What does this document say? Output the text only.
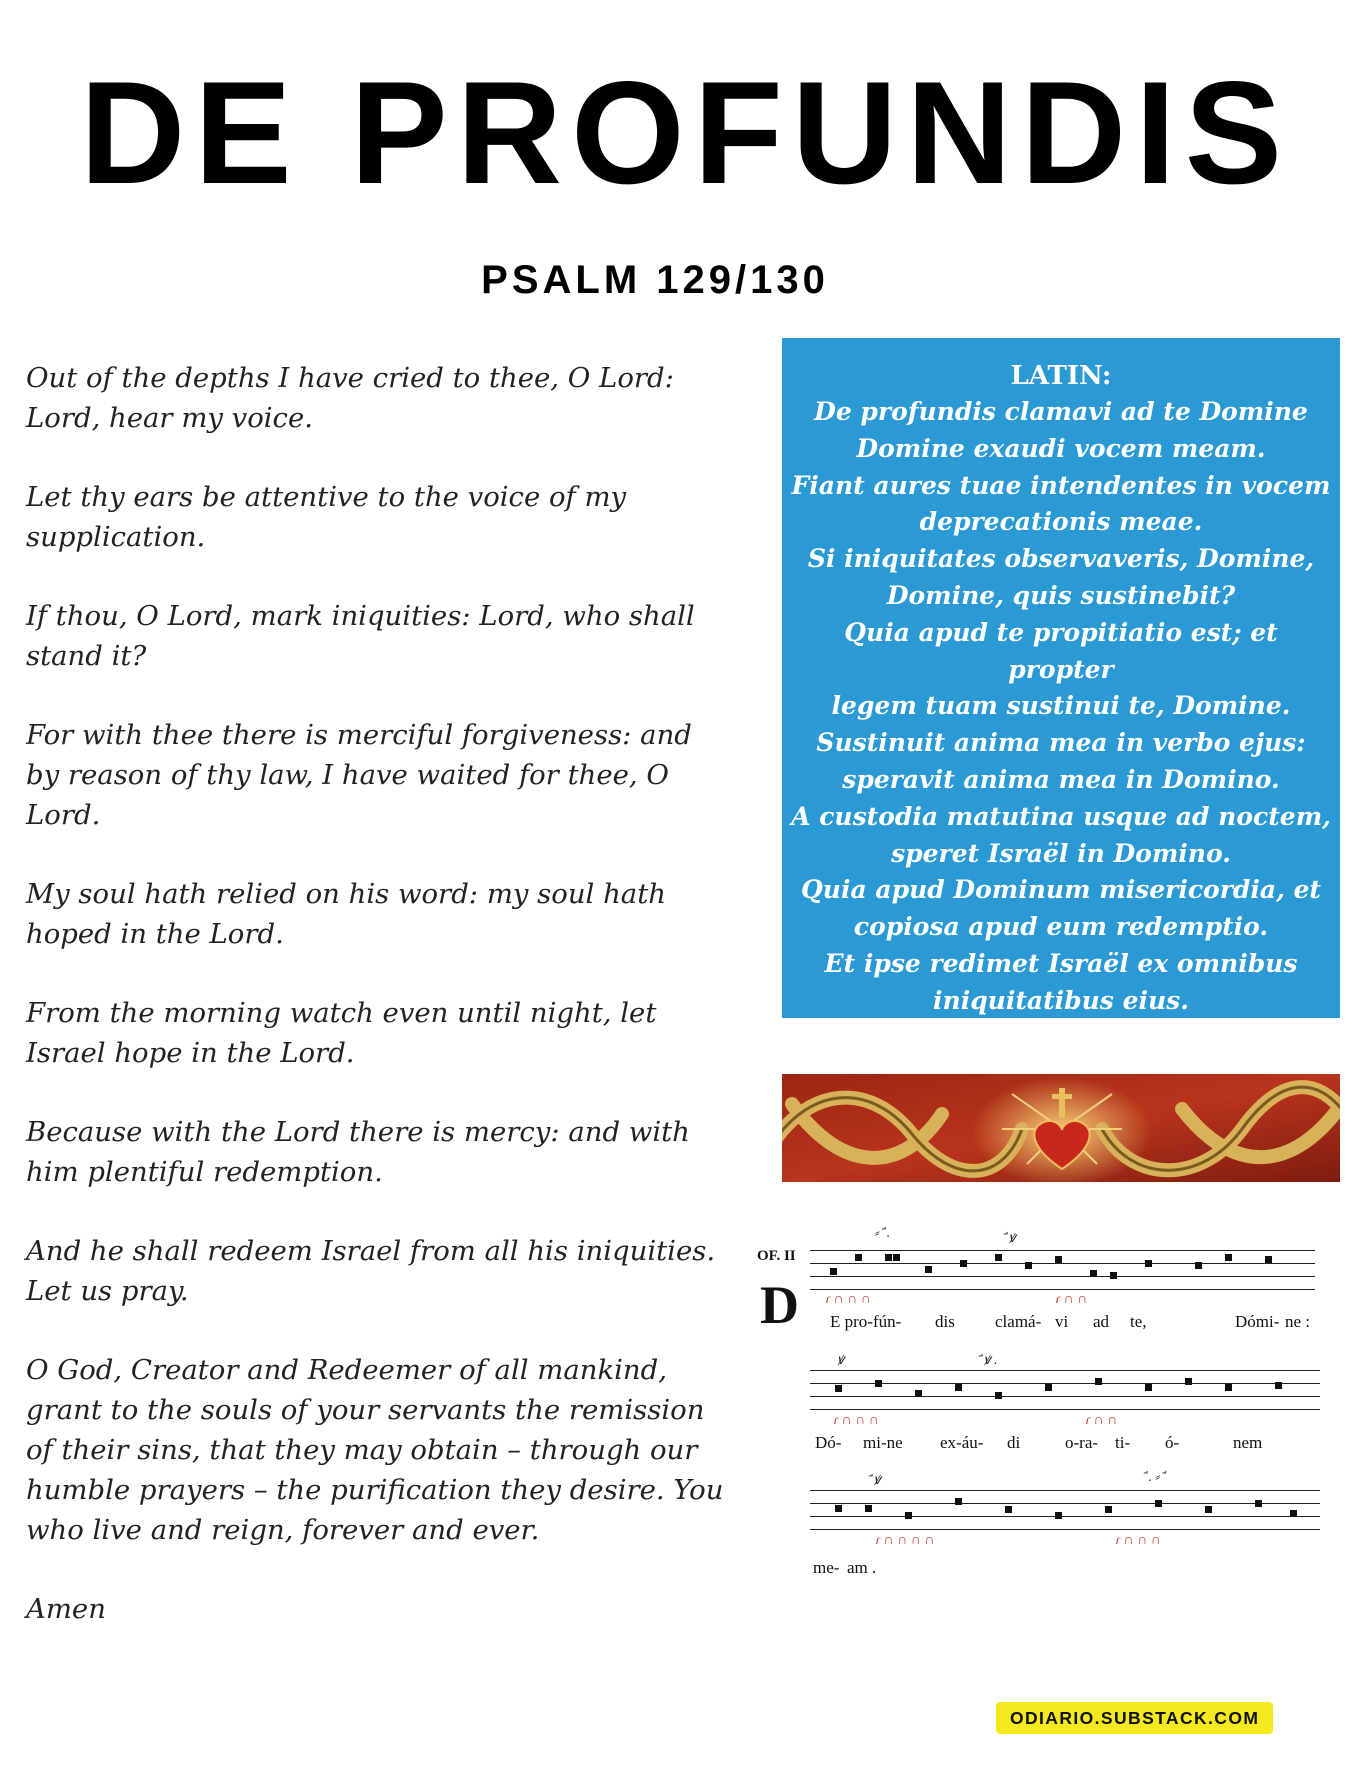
DE PROFUNDIS
PSALM 129/130

Out of the depths I have cried to thee, O Lord: Lord, hear my voice.

Let thy ears be attentive to the voice of my supplication.

If thou, O Lord, mark iniquities: Lord, who shall stand it?

For with thee there is merciful forgiveness: and by reason of thy law, I have waited for thee, O Lord.

My soul hath relied on his word: my soul hath hoped in the Lord.

From the morning watch even until night, let Israel hope in the Lord.

Because with the Lord there is mercy: and with him plentiful redemption.

And he shall redeem Israel from all his iniquities. Let us pray.

O God, Creator and Redeemer of all mankind, grant to the souls of your servants the remission of their sins, that they may obtain – through our humble prayers – the purification they desire. You who live and reign, forever and ever.

Amen

LATIN:
De profundis clamavi ad te Domine
Domine exaudi vocem meam.
Fiant aures tuae intendentes in vocem
deprecationis meae.
Si iniquitates observaveris, Domine,
Domine, quis sustinebit?
Quia apud te propitiatio est; et propter
legem tuam sustinui te, Domine.
Sustinuit anima mea in verbo ejus:
speravit anima mea in Domino.
A custodia matutina usque ad noctem,
speret Israël in Domino.
Quia apud Dominum misericordia, et
copiosa apud eum redemptio.
Et ipse redimet Israël ex omnibus
iniquitatibus eius.
OF. II
D
⸗ ꜚ .	ꜚ ꝟ
ɾ ∩ ∩ ∩	ɾ ∩ ∩
E pro-fún- dis clamá- vi ad te,	Dómi- ne :
ꝟ	ꜚ ꝟ .
ɾ ∩ ∩ ∩	ɾ ∩ ∩
Dó- mi-ne ex-áu- di	o-ra- ti- ó-	nem
ꜚ ꝟ	ꜚ . ⸗ ꜚ
ɾ ∩ ∩ ∩ ∩	ɾ ∩ ∩ ∩
me- am .
ODIARIO.SUBSTACK.COM
